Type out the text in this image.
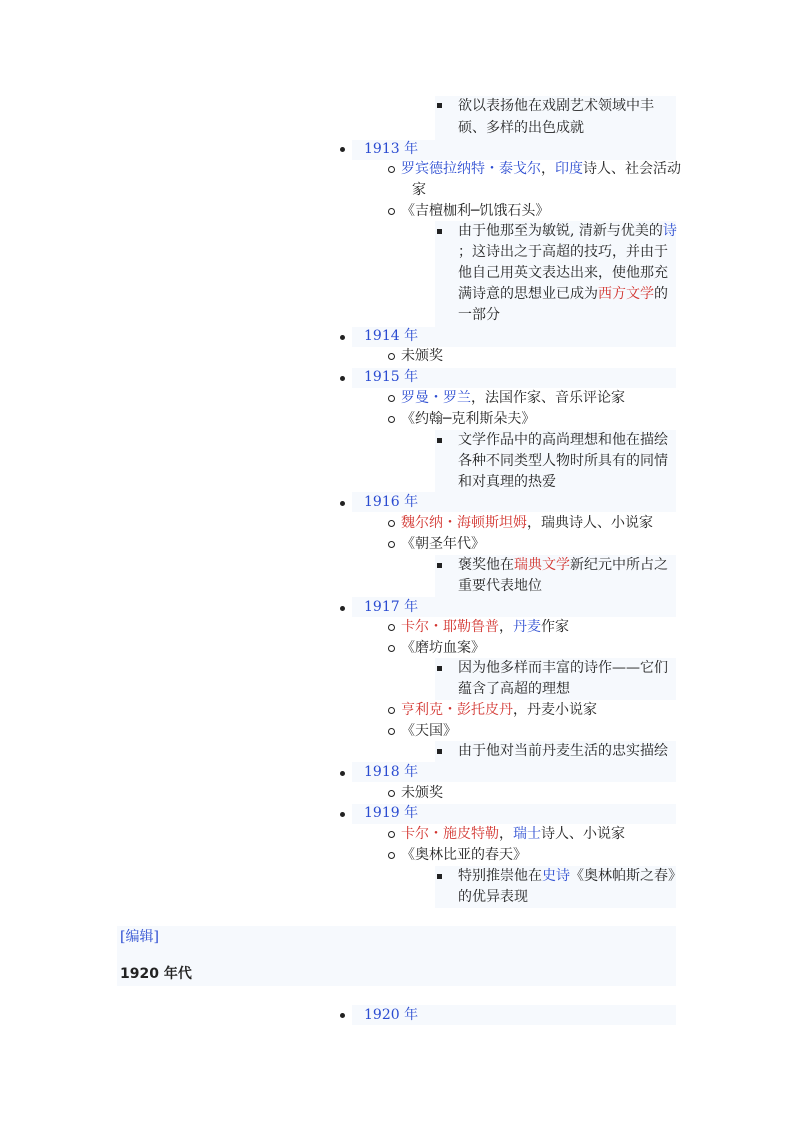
欲以表扬他在戏剧艺术领域中丰
硕、多样的出色成就
1913 年
罗宾德拉纳特・泰戈尔，印度诗人、社会活动
家
《吉檀枷利─饥饿石头》
由于他那至为敏锐, 清新与优美的诗
；这诗出之于高超的技巧，并由于
他自己用英文表达出来，使他那充
满诗意的思想业已成为西方文学的
一部分
1914 年
未颁奖
1915 年
罗曼・罗兰，法国作家、音乐评论家
《约翰─克利斯朵夫》
文学作品中的高尚理想和他在描绘
各种不同类型人物时所具有的同情
和对真理的热爱
1916 年
魏尔纳・海顿斯坦姆，瑞典诗人、小说家
《朝圣年代》
褒奖他在瑞典文学新纪元中所占之
重要代表地位
1917 年
卡尔・耶勒鲁普，丹麦作家
《磨坊血案》
因为他多样而丰富的诗作——它们
蕴含了高超的理想
亨利克・彭托皮丹，丹麦小说家
《天国》
由于他对当前丹麦生活的忠实描绘
1918 年
未颁奖
1919 年
卡尔・施皮特勒，瑞士诗人、小说家
《奥林比亚的春天》
特别推崇他在史诗《奥林帕斯之春》
的优异表现
[编辑]
1920 年代
1920 年
